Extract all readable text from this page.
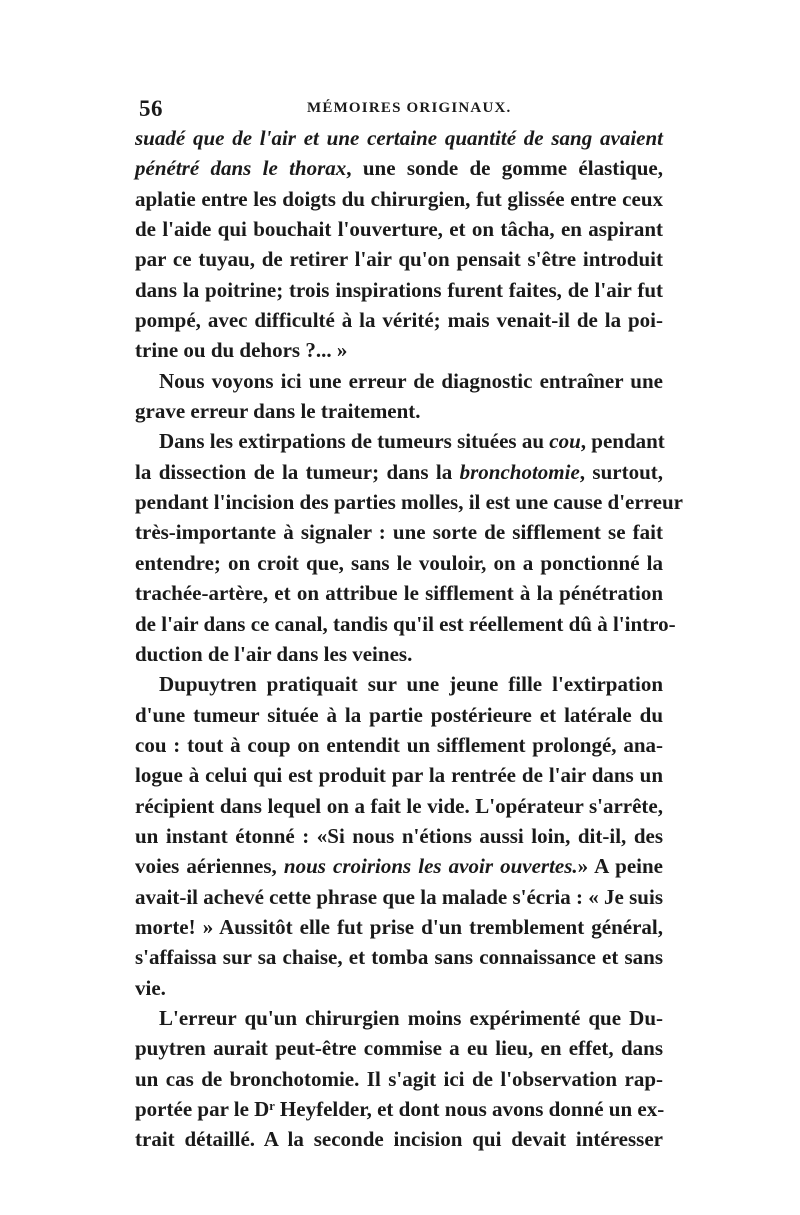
56	MÉMOIRES ORIGINAUX.
suadé que de l'air et une certaine quantité de sang avaient
pénétré dans le thorax, une sonde de gomme élastique,
aplatie entre les doigts du chirurgien, fut glissée entre ceux
de l'aide qui bouchait l'ouverture, et on tâcha, en aspirant
par ce tuyau, de retirer l'air qu'on pensait s'être introduit
dans la poitrine; trois inspirations furent faites, de l'air fut
pompé, avec difficulté à la vérité; mais venait-il de la poi-
trine ou du dehors ?... »
Nous voyons ici une erreur de diagnostic entraîner une
grave erreur dans le traitement.
Dans les extirpations de tumeurs situées au cou, pendant
la dissection de la tumeur; dans la bronchotomie, surtout,
pendant l'incision des parties molles, il est une cause d'erreur
très-importante à signaler : une sorte de sifflement se fait
entendre; on croit que, sans le vouloir, on a ponctionné la
trachée-artère, et on attribue le sifflement à la pénétration
de l'air dans ce canal, tandis qu'il est réellement dû à l'intro-
duction de l'air dans les veines.
Dupuytren pratiquait sur une jeune fille l'extirpation
d'une tumeur située à la partie postérieure et latérale du
cou : tout à coup on entendit un sifflement prolongé, ana-
logue à celui qui est produit par la rentrée de l'air dans un
récipient dans lequel on a fait le vide. L'opérateur s'arrête,
un instant étonné : «Si nous n'étions aussi loin, dit-il, des
voies aériennes, nous croirions les avoir ouvertes.» A peine
avait-il achevé cette phrase que la malade s'écria : « Je suis
morte! » Aussitôt elle fut prise d'un tremblement général,
s'affaissa sur sa chaise, et tomba sans connaissance et sans
vie.
L'erreur qu'un chirurgien moins expérimenté que Du-
puytren aurait peut-être commise a eu lieu, en effet, dans
un cas de bronchotomie. Il s'agit ici de l'observation rap-
portée par le Dʳ Heyfelder, et dont nous avons donné un ex-
trait détaillé. A la seconde incision qui devait intéresser
